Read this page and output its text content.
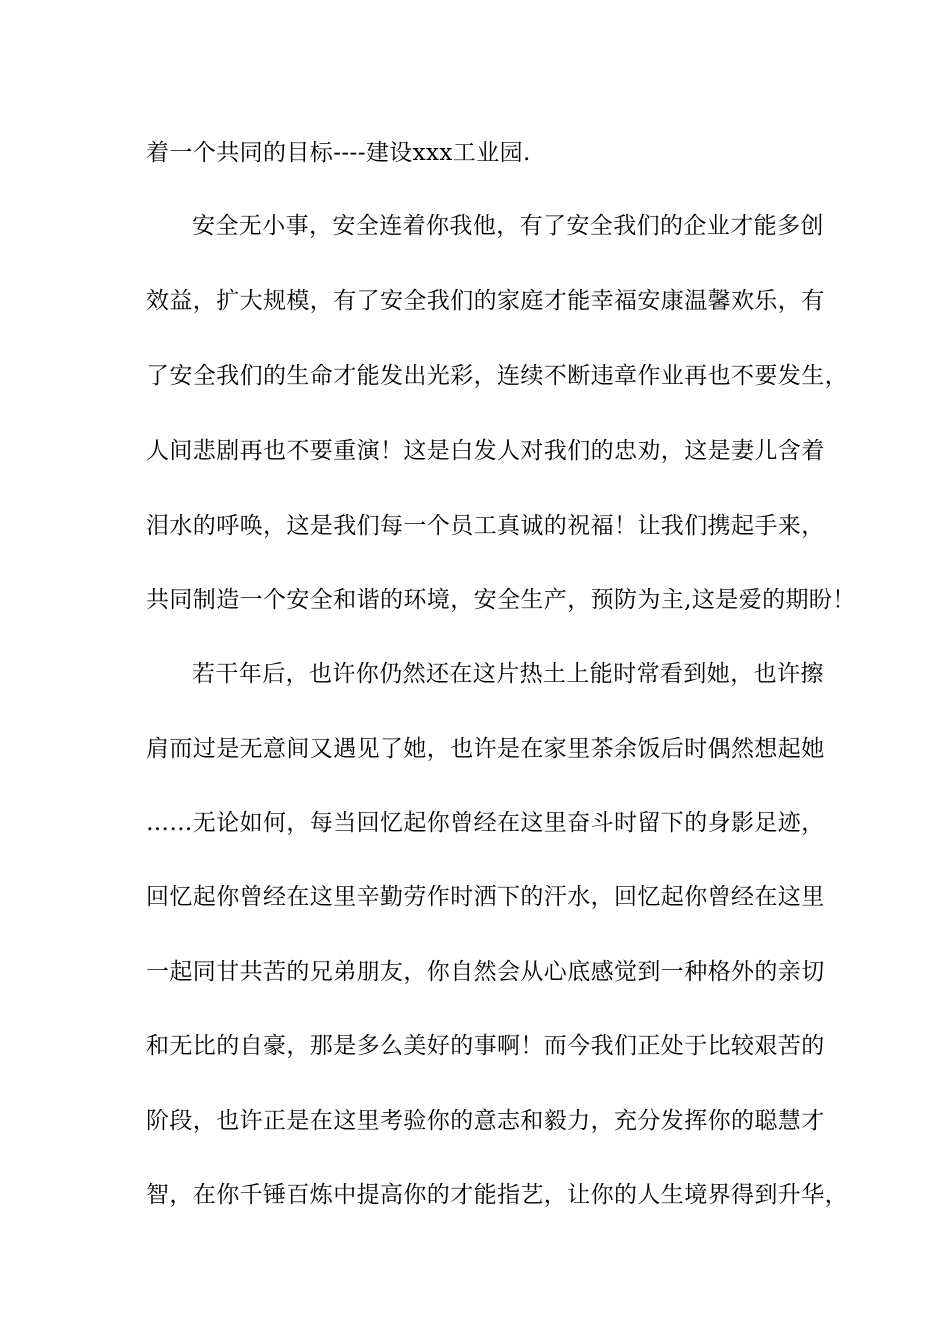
着一个共同的目标----建设xxx工业园.
安全无小事，安全连着你我他，有了安全我们的企业才能多创
效益，扩大规模，有了安全我们的家庭才能幸福安康温馨欢乐，有
了安全我们的生命才能发出光彩，连续不断违章作业再也不要发生，
人间悲剧再也不要重演！这是白发人对我们的忠劝，这是妻儿含着
泪水的呼唤，这是我们每一个员工真诚的祝福！让我们携起手来，
共同制造一个安全和谐的环境，安全生产，预防为主,这是爱的期盼！
若干年后，也许你仍然还在这片热土上能时常看到她，也许擦
肩而过是无意间又遇见了她，也许是在家里茶余饭后时偶然想起她
……无论如何，每当回忆起你曾经在这里奋斗时留下的身影足迹，
回忆起你曾经在这里辛勤劳作时洒下的汗水，回忆起你曾经在这里
一起同甘共苦的兄弟朋友，你自然会从心底感觉到一种格外的亲切
和无比的自豪，那是多么美好的事啊！而今我们正处于比较艰苦的
阶段，也许正是在这里考验你的意志和毅力，充分发挥你的聪慧才
智，在你千锤百炼中提高你的才能指艺，让你的人生境界得到升华，
